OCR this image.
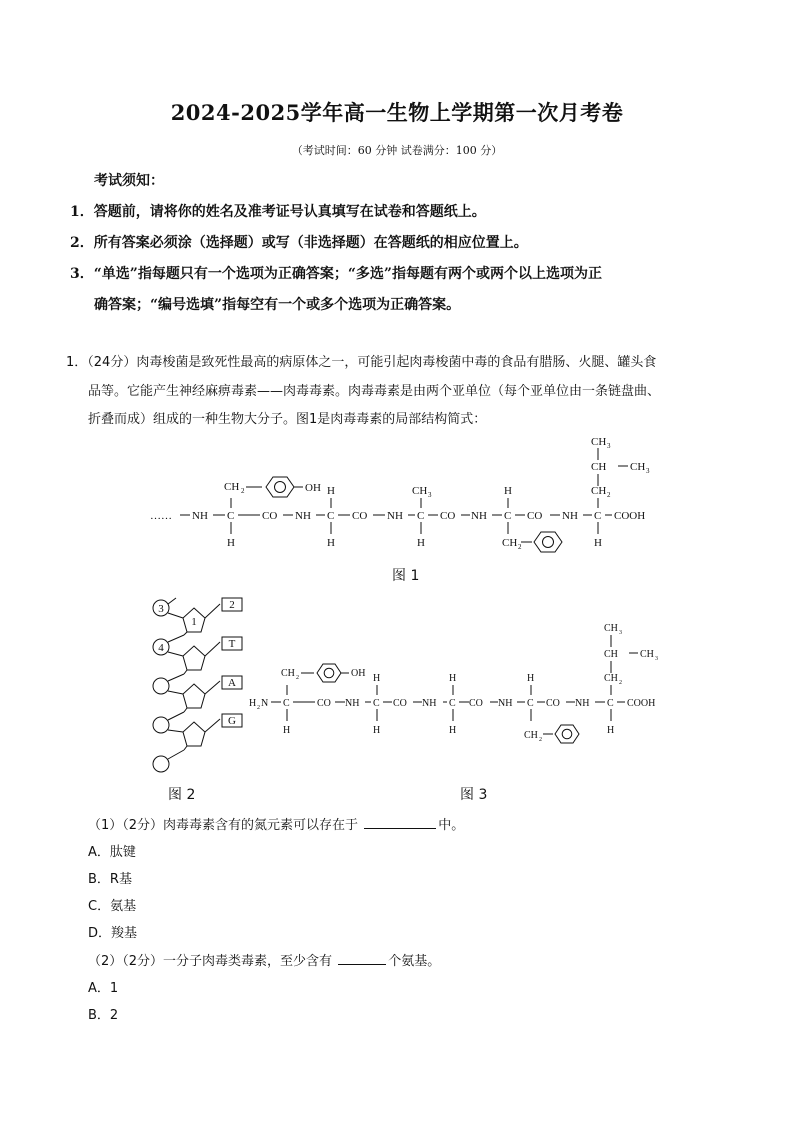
2024-2025学年高一生物上学期第一次月考卷
（考试时间：60 分钟 试卷满分：100 分）
考试须知：
1．答题前，请将你的姓名及准考证号认真填写在试卷和答题纸上。
2．所有答案必须涂（选择题）或写（非选择题）在答题纸的相应位置上。
3．“单选”指每题只有一个选项为正确答案；“多选”指每题有两个或两个以上选项为正
确答案；“编号选填”指每空有一个或多个选项为正确答案。
1．（24分）肉毒梭菌是致死性最高的病原体之一，可能引起肉毒梭菌中毒的食品有腊肠、火腿、罐头食
品等。它能产生神经麻痹毒素——肉毒毒素。肉毒毒素是由两个亚单位（每个亚单位由一条链盘曲、
折叠而成）组成的一种生物大分子。图1是肉毒毒素的局部结构简式：
…… NH C
H
CH 2	OH
CO NH C
H
H
CO NH C
H
CH 3
CO NH C
H
CH 2
CO NH C
H
COOH
CH 2
CH CH 3
CH 3
图 1
3
4
1
2
T
A
G
图 2
H 2 N C
H
CH 2	OH
CO NH C
H
H
CO NH C
H
H
CO NH C
H
CH 2
CO NH C
H
COOH
CH 2
CH CH 3
CH 3
图 3
（1）（2分）肉毒毒素含有的氮元素可以存在于	中。
A．肽键
B．R基
C．氨基
D．羧基
（2）（2分）一分子肉毒类毒素，至少含有	个氨基。
A．1
B．2
